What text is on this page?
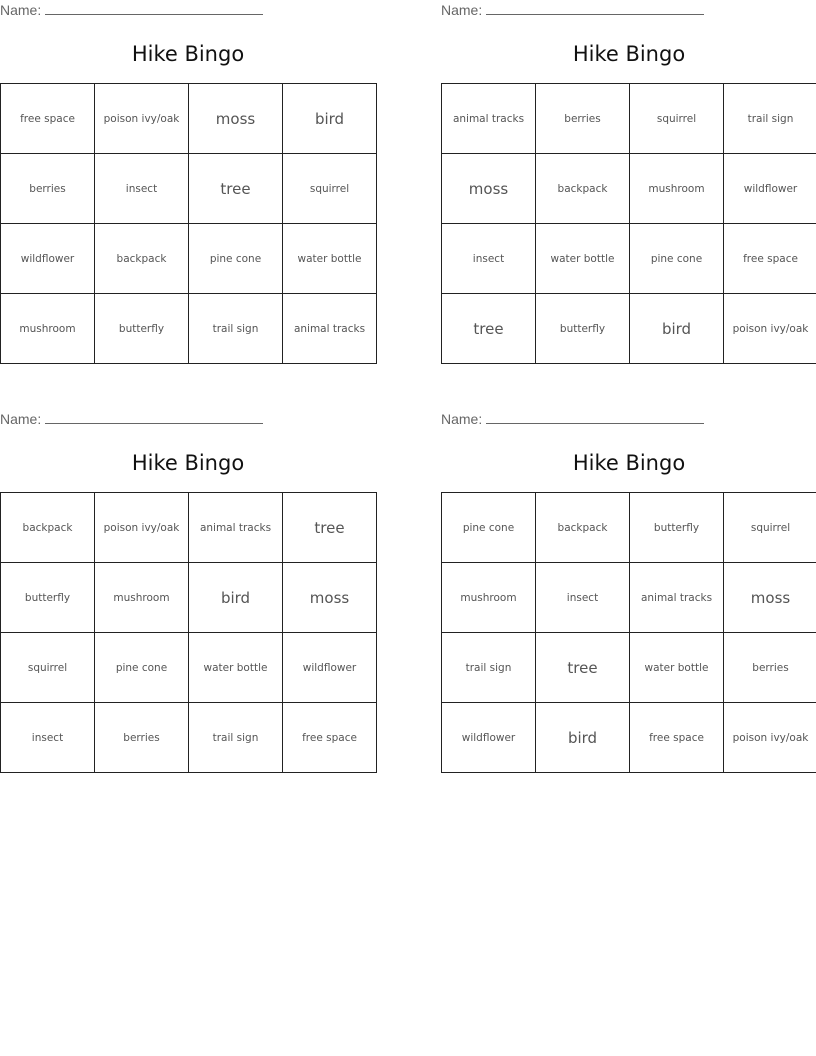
Name:
Hike Bingo
free space	poison ivy/oak	moss	bird
berries	insect	tree	squirrel
wildflower	backpack	pine cone	water bottle
mushroom	butterfly	trail sign	animal tracks
Name:
Hike Bingo
animal tracks	berries	squirrel	trail sign
moss	backpack	mushroom	wildflower
insect	water bottle	pine cone	free space
tree	butterfly	bird	poison ivy/oak
Name:
Hike Bingo
backpack	poison ivy/oak	animal tracks	tree
butterfly	mushroom	bird	moss
squirrel	pine cone	water bottle	wildflower
insect	berries	trail sign	free space
Name:
Hike Bingo
pine cone	backpack	butterfly	squirrel
mushroom	insect	animal tracks	moss
trail sign	tree	water bottle	berries
wildflower	bird	free space	poison ivy/oak
